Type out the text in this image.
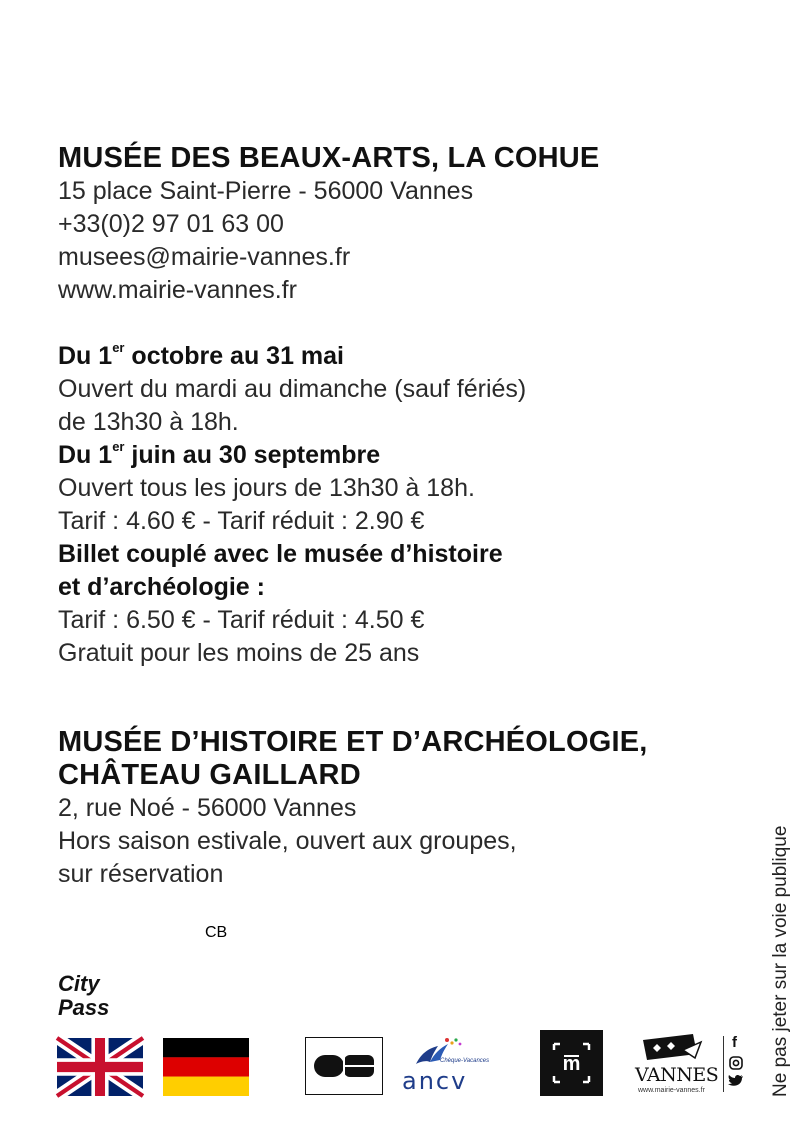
MUSÉE DES BEAUX-ARTS, LA COHUE
15 place Saint-Pierre - 56000 Vannes
+33(0)2 97 01 63 00
musees@mairie-vannes.fr
www.mairie-vannes.fr
Du 1er octobre au 31 mai
Ouvert du mardi au dimanche (sauf fériés)
de 13h30 à 18h.
Du 1er juin au 30 septembre
Ouvert tous les jours de 13h30 à 18h.
Tarif : 4.60 € - Tarif réduit : 2.90 €
Billet couplé avec le musée d’histoire
et d’archéologie :
Tarif : 6.50 € - Tarif réduit : 4.50 €
Gratuit pour les moins de 25 ans
MUSÉE D’HISTOIRE ET D’ARCHÉOLOGIE,
CHÂTEAU GAILLARD
2, rue Noé - 56000 Vannes
Hors saison estivale, ouvert aux groupes,
sur réservation	Ne pas jeter sur la voie publique
City
Pass
CB
Chèque-Vacances
ancv
m	VANNES
www.mairie-vannes.fr
f
